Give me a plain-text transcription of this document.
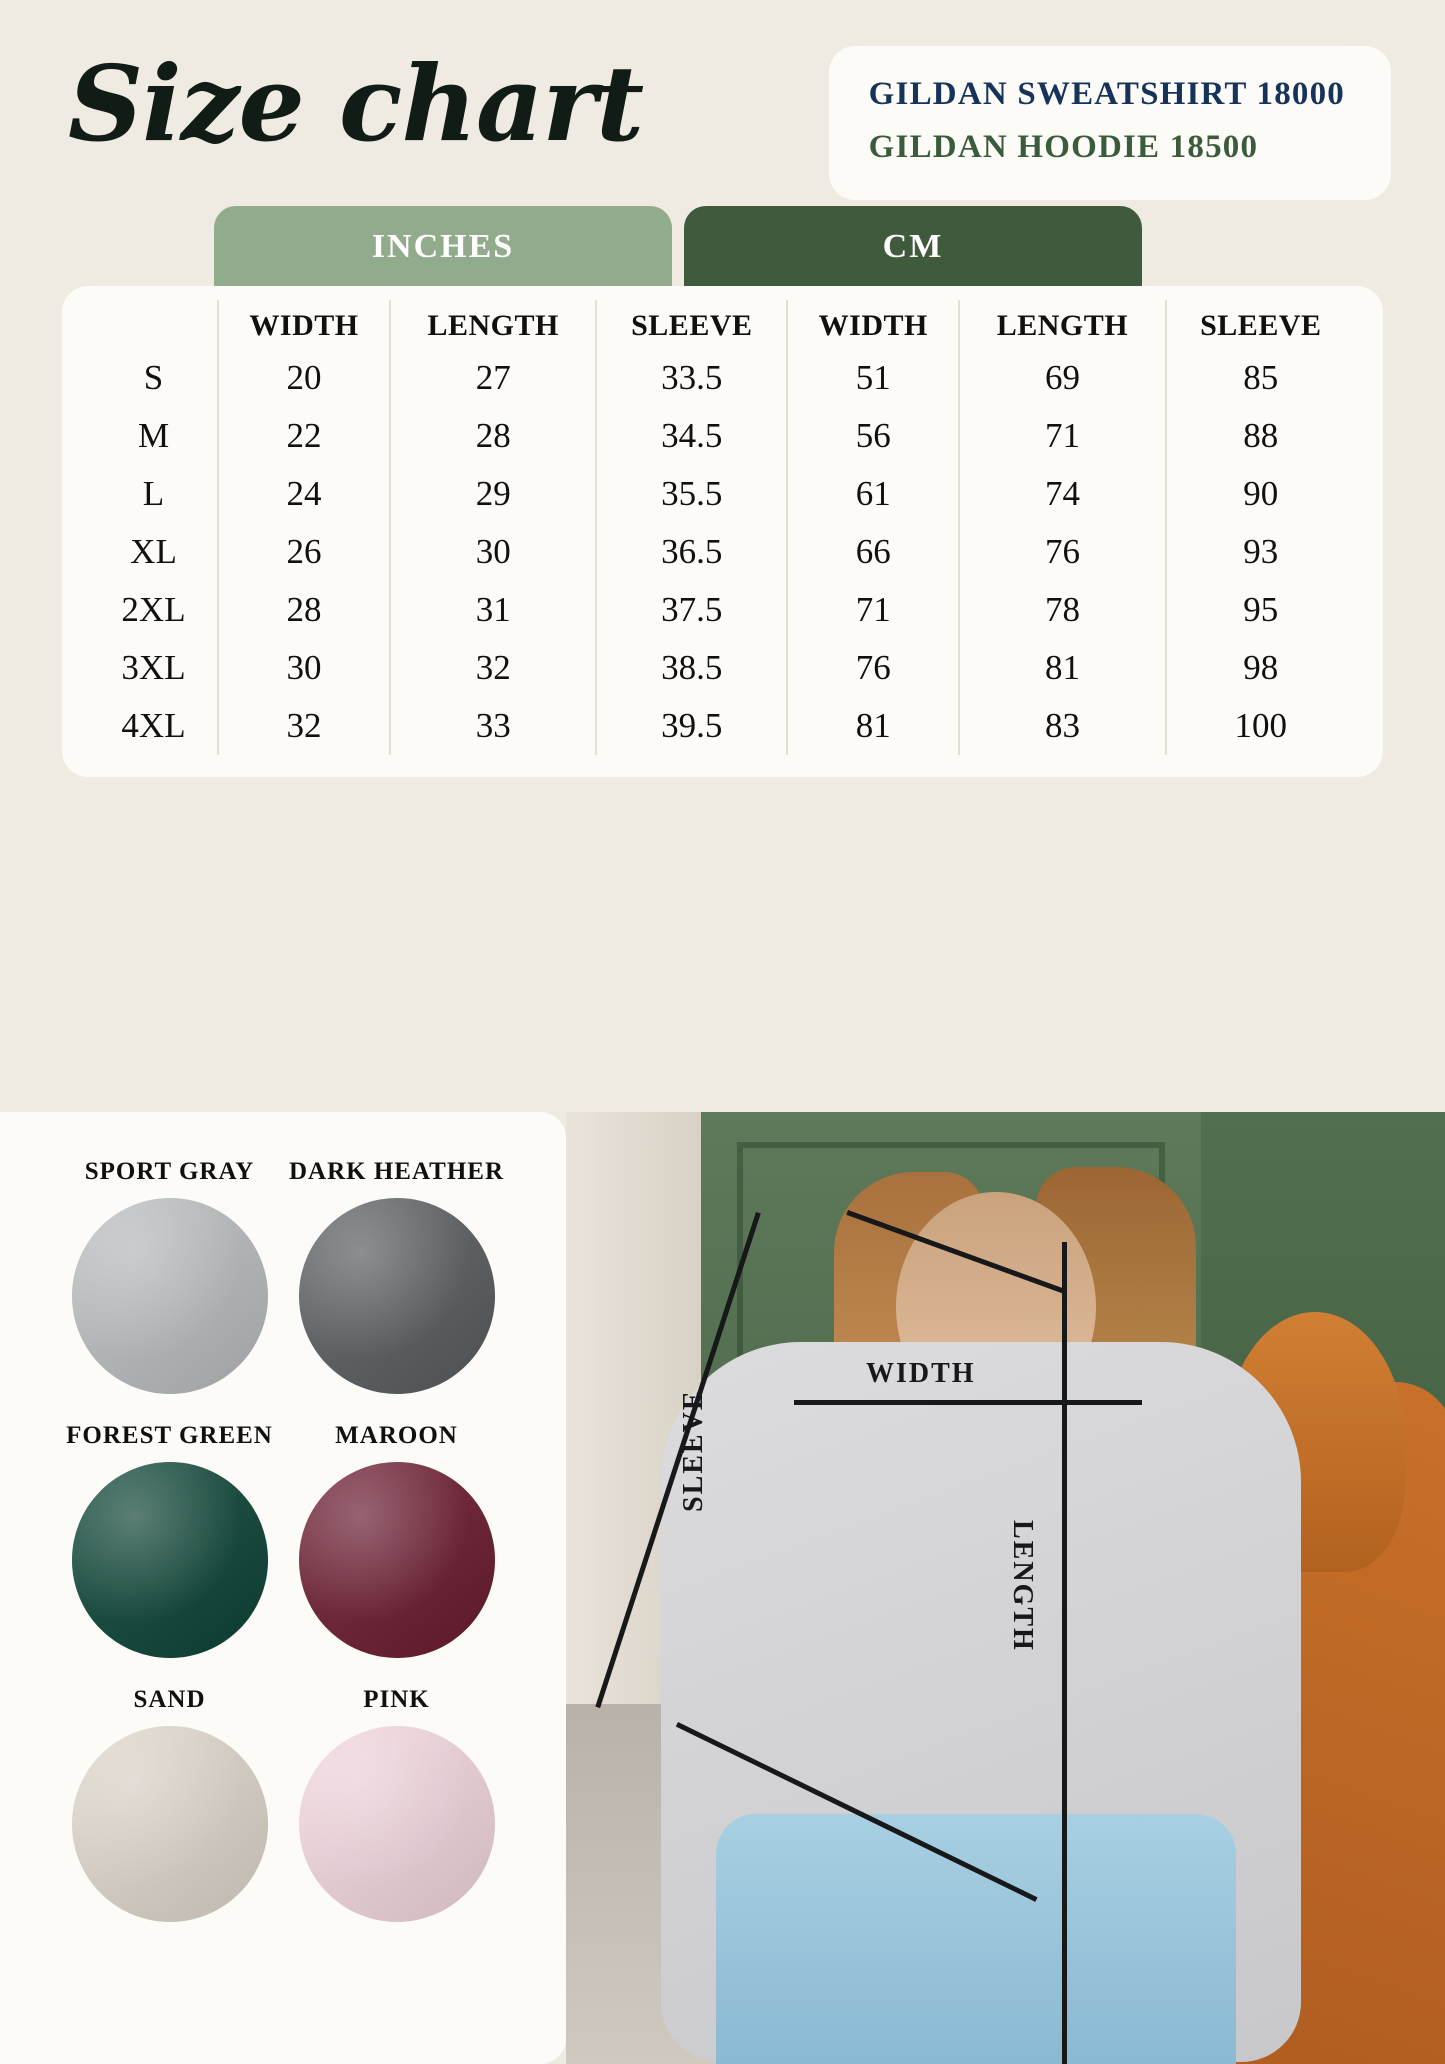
Size chart	GILDAN SWEATSHIRT 18000
GILDAN HOODIE 18500
INCHES	CM
	WIDTH	LENGTH	SLEEVE	WIDTH	LENGTH	SLEEVE
S	20	27	33.5	51	69	85
M	22	28	34.5	56	71	88
L	24	29	35.5	61	74	90
XL	26	30	36.5	66	76	93
2XL	28	31	37.5	71	78	95
3XL	30	32	38.5	76	81	98
4XL	32	33	39.5	81	83	100
SPORT GRAY	DARK HEATHER
FOREST GREEN	MAROON
SAND	PINK
WIDTH
LENGTH
SLEEVE
